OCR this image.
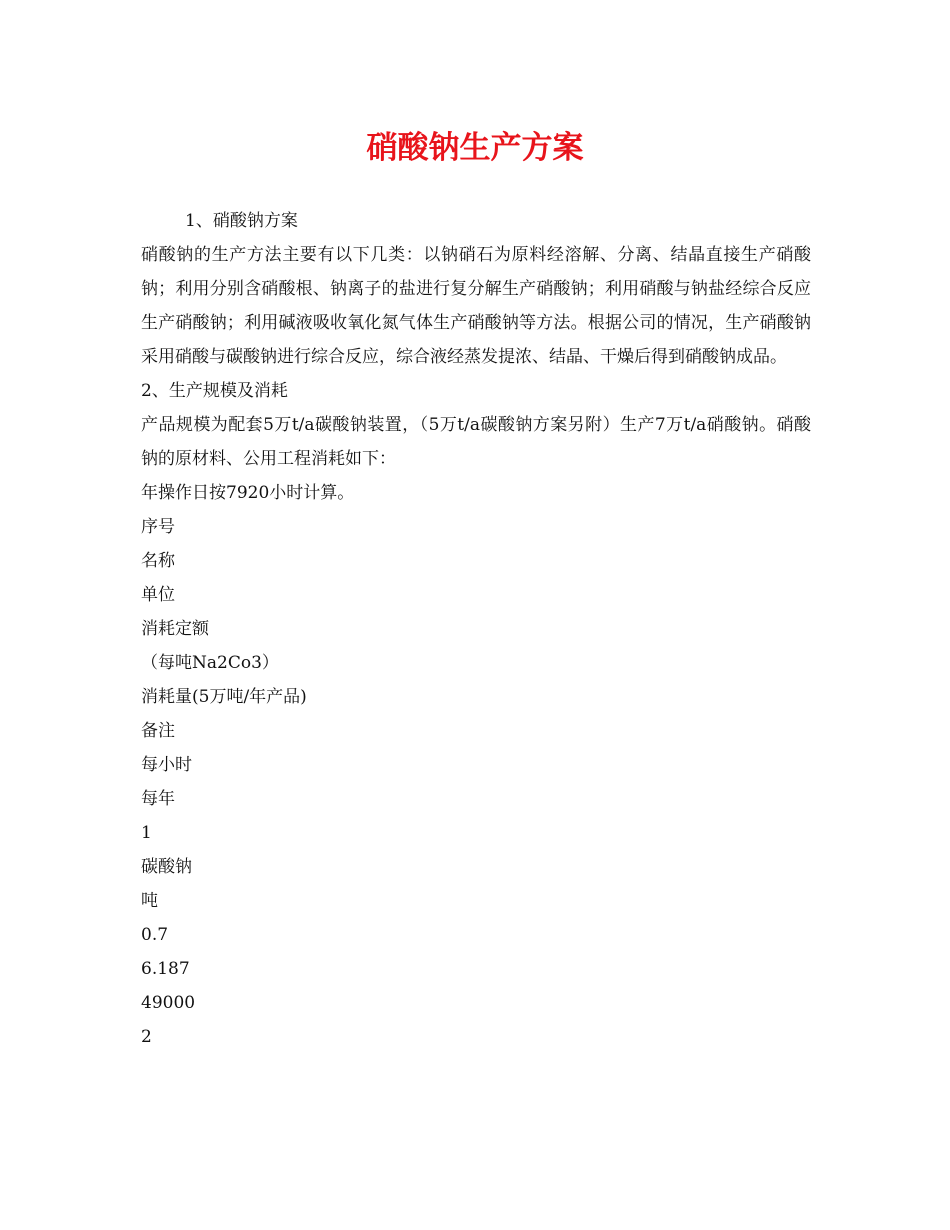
硝酸钠生产方案

1、硝酸钠方案

硝酸钠的生产方法主要有以下几类：以钠硝石为原料经溶解、分离、结晶直接生产硝酸钠；利用分别含硝酸根、钠离子的盐进行复分解生产硝酸钠；利用硝酸与钠盐经综合反应生产硝酸钠；利用碱液吸收氧化氮气体生产硝酸钠等方法。根据公司的情况，生产硝酸钠采用硝酸与碳酸钠进行综合反应，综合液经蒸发提浓、结晶、干燥后得到硝酸钠成品。

2、生产规模及消耗

产品规模为配套5万t/a碳酸钠装置，（5万t/a碳酸钠方案另附）生产7万t/a硝酸钠。硝酸钠的原材料、公用工程消耗如下：

年操作日按7920小时计算。

序号

名称

单位

消耗定额

（每吨Na2Co3）

消耗量(5万吨/年产品)

备注

每小时

每年

1

碳酸钠

吨

0.7

6.187

49000

2
